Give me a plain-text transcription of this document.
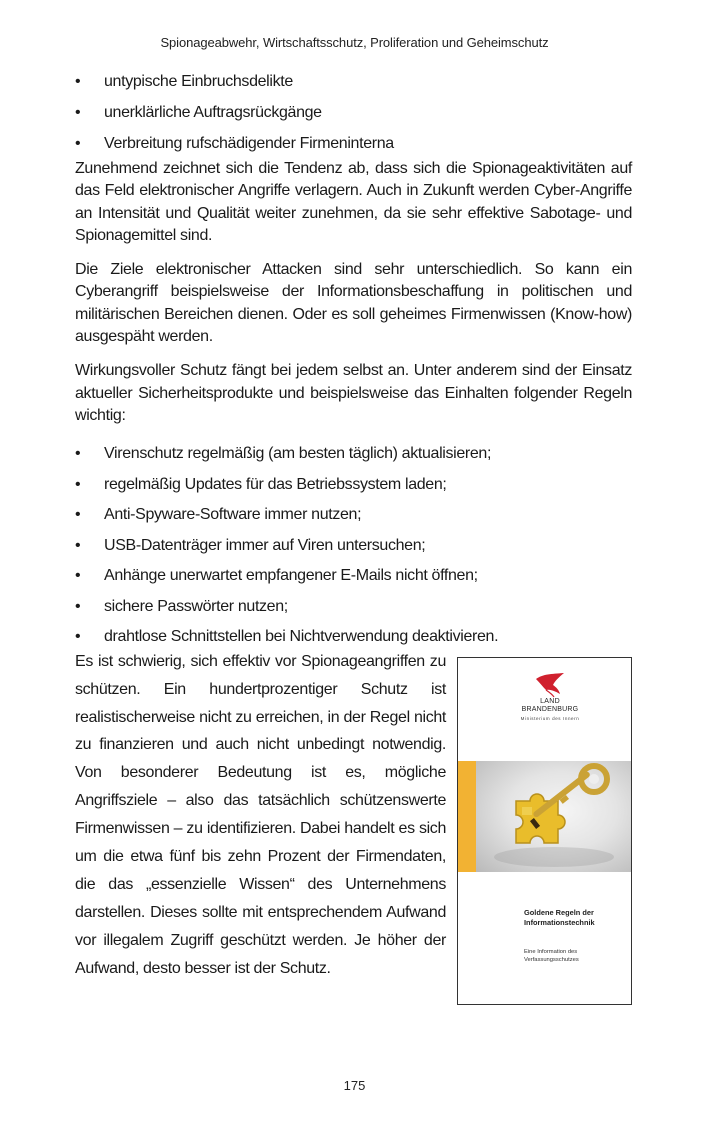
Spionageabwehr, Wirtschaftsschutz, Proliferation und Geheimschutz
• untypische Einbruchsdelikte
• unerklärliche Auftragsrückgänge
• Verbreitung rufschädigender Firmeninterna

Zunehmend zeichnet sich die Tendenz ab, dass sich die Spionageaktivitäten auf das Feld elektronischer Angriffe verlagern. Auch in Zukunft werden Cyber-Angriffe an Intensität und Qualität weiter zunehmen, da sie sehr effektive Sabotage- und Spionagemittel sind.

Die Ziele elektronischer Attacken sind sehr unterschiedlich. So kann ein Cyberangriff beispielsweise der Informationsbeschaffung in politischen und militärischen Bereichen dienen. Oder es soll geheimes Firmenwissen (Know-how) ausgespäht werden.

Wirkungsvoller Schutz fängt bei jedem selbst an. Unter anderem sind der Einsatz aktueller Sicherheitsprodukte und beispielsweise das Einhalten folgender Regeln wichtig:

• Virenschutz regelmäßig (am besten täglich) aktualisieren;
• regelmäßig Updates für das Betriebssystem laden;
• Anti-Spyware-Software immer nutzen;
• USB-Datenträger immer auf Viren untersuchen;
• Anhänge unerwartet empfangener E-Mails nicht öffnen;
• sichere Passwörter nutzen;
• drahtlose Schnittstellen bei Nichtverwendung deaktivieren.

Es ist schwierig, sich effektiv vor Spionageangriffen zu schützen. Ein hundertprozentiger Schutz ist realistischerweise nicht zu erreichen, in der Regel nicht zu finanzieren und auch nicht unbedingt notwendig. Von besonderer Bedeutung ist es, mögliche Angriffsziele – also das tatsächlich schützenswerte Firmenwissen – zu identifizieren. Dabei handelt es sich um die etwa fünf bis zehn Prozent der Firmendaten, die das „essenzielle Wissen“ des Unternehmens darstellen. Dieses sollte mit entsprechendem Aufwand vor illegalem Zugriff geschützt werden. Je höher der Aufwand, desto besser ist der Schutz.

LAND
BRANDENBURG
Ministerium des Innern
Goldene Regeln der
Informationstechnik
Eine Information des
Verfassungsschutzes
175
